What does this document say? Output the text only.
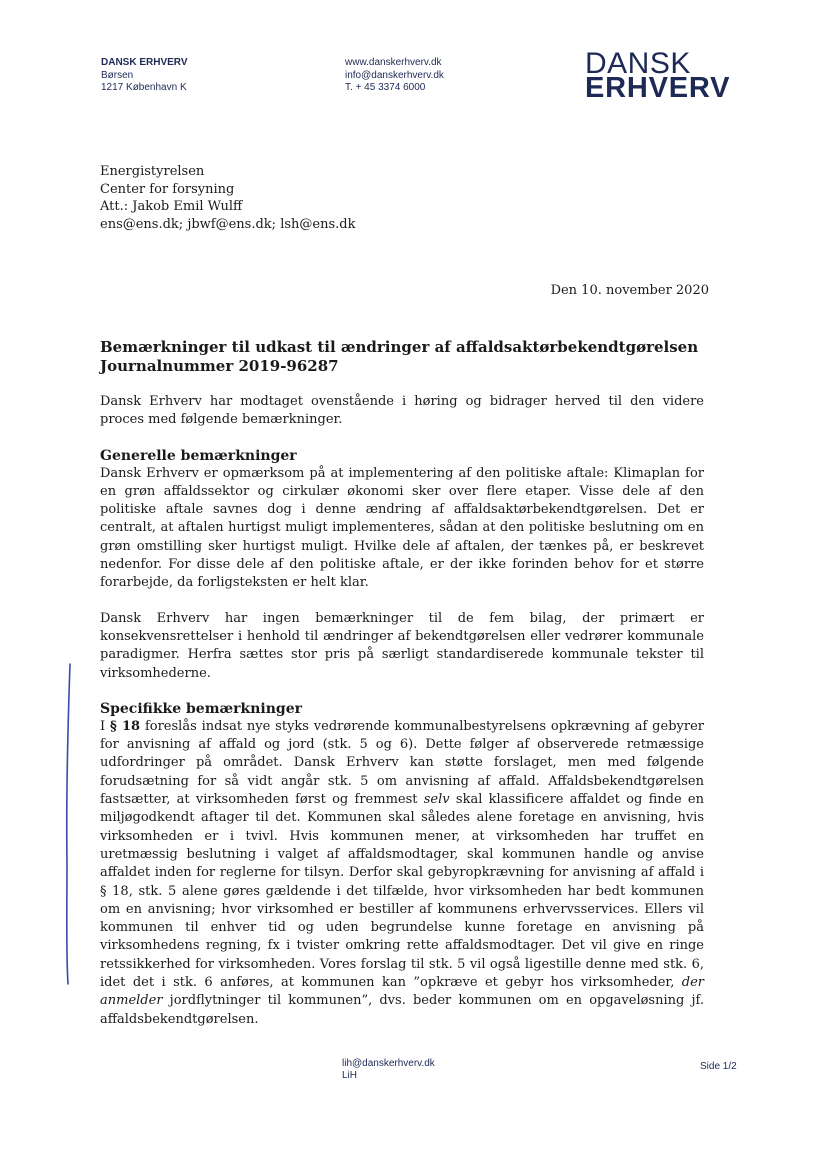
DANSK ERHVERV
Børsen
1217 København K
www.danskerhverv.dk
info@danskerhverv.dk
T. + 45 3374 6000
DANSK
ERHVERV
Energistyrelsen
Center for forsyning
Att.: Jakob Emil Wulff
ens@ens.dk; jbwf@ens.dk; lsh@ens.dk
Den 10. november 2020
Bemærkninger til udkast til ændringer af affaldsaktørbekendtgørelsen
Journalnummer 2019-96287

Dansk Erhverv har modtaget ovenstående i høring og bidrager herved til den videre proces med følgende bemærkninger.

Generelle bemærkninger

Dansk Erhverv er opmærksom på at implementering af den politiske aftale: Klimaplan for en grøn affaldssektor og cirkulær økonomi sker over flere etaper. Visse dele af den politiske aftale savnes dog i denne ændring af affaldsaktørbekendtgørelsen. Det er centralt, at aftalen hurtigst muligt implementeres, sådan at den politiske beslutning om en grøn omstilling sker hurtigst muligt. Hvilke dele af aftalen, der tænkes på, er beskrevet nedenfor. For disse dele af den politiske aftale, er der ikke forinden behov for et større forarbejde, da forligsteksten er helt klar.

Dansk Erhverv har ingen bemærkninger til de fem bilag, der primært er konsekvensrettelser i henhold til ændringer af bekendtgørelsen eller vedrører kommunale paradigmer. Herfra sættes stor pris på særligt standardiserede kommunale tekster til virksomhederne.

Specifikke bemærkninger

I § 18 foreslås indsat nye styks vedrørende kommunalbestyrelsens opkrævning af gebyrer for anvisning af affald og jord (stk. 5 og 6). Dette følger af observerede retmæssige udfordringer på området. Dansk Erhverv kan støtte forslaget, men med følgende forudsætning for så vidt angår stk. 5 om anvisning af affald. Affaldsbekendtgørelsen fastsætter, at virksomheden først og fremmest selv skal klassificere affaldet og finde en miljøgodkendt aftager til det. Kommunen skal således alene foretage en anvisning, hvis virksomheden er i tvivl. Hvis kommunen mener, at virksomheden har truffet en uretmæssig beslutning i valget af affaldsmodtager, skal kommunen handle og anvise affaldet inden for reglerne for tilsyn. Derfor skal gebyropkrævning for anvisning af affald i § 18, stk. 5 alene gøres gældende i det tilfælde, hvor virksomheden har bedt kommunen om en anvisning; hvor virksomhed er bestiller af kommunens erhvervsservices. Ellers vil kommunen til enhver tid og uden begrundelse kunne foretage en anvisning på virksomhedens regning, fx i tvister omkring rette affaldsmodtager. Det vil give en ringe retssikkerhed for virksomheden. Vores forslag til stk. 5 vil også ligestille denne med stk. 6, idet det i stk. 6 anføres, at kommunen kan ”opkræve et gebyr hos virksomheder, der anmelder jordflytninger til kommunen”, dvs. beder kommunen om en opgaveløsning jf. affaldsbekendtgørelsen.

lih@danskerhverv.dk
LiH
Side 1/2
